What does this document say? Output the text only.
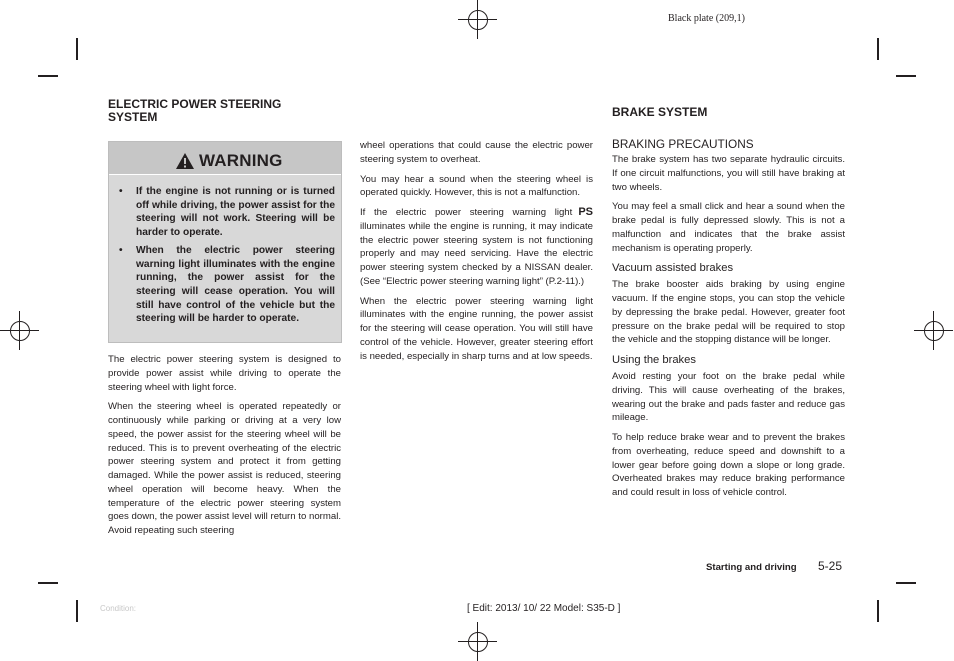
Black plate (209,1)
ELECTRIC POWER STEERING
SYSTEM
WARNING
• If the engine is not running or is turned off while driving, the power assist for the steering will not work. Steering will be harder to operate.
• When the electric power steering warning light illuminates with the engine running, the power assist for the steering will cease operation. You will still have control of the vehicle but the steering will be harder to operate.

The electric power steering system is designed to provide power assist while driving to operate the steering wheel with light force.

When the steering wheel is operated repeatedly or continuously while parking or driving at a very low speed, the power assist for the steering wheel will be reduced. This is to prevent overheating of the electric power steering system and protect it from getting damaged. While the power assist is reduced, steering wheel operation will become heavy. When the temperature of the electric power steering system goes down, the power assist level will return to normal. Avoid repeating such steering

wheel operations that could cause the electric power steering system to overheat.

You may hear a sound when the steering wheel is operated quickly. However, this is not a malfunction.

PS
If the electric power steering warning light illuminates while the engine is running, it may indicate the electric power steering system is not functioning properly and may need servicing. Have the electric power steering system checked by a NISSAN dealer. (See “Electric power steering warning light” (P.2-11).)

When the electric power steering warning light illuminates with the engine running, the power assist for the steering will cease operation. You will still have control of the vehicle. However, greater steering effort is needed, especially in sharp turns and at low speeds.

BRAKE SYSTEM
BRAKING PRECAUTIONS

The brake system has two separate hydraulic circuits. If one circuit malfunctions, you will still have braking at two wheels.

You may feel a small click and hear a sound when the brake pedal is fully depressed slowly. This is not a malfunction and indicates that the brake assist mechanism is operating properly.

Vacuum assisted brakes

The brake booster aids braking by using engine vacuum. If the engine stops, you can stop the vehicle by depressing the brake pedal. However, greater foot pressure on the brake pedal will be required to stop the vehicle and the stopping distance will be longer.

Using the brakes

Avoid resting your foot on the brake pedal while driving. This will cause overheating of the brakes, wearing out the brake and pads faster and reduce gas mileage.

To help reduce brake wear and to prevent the brakes from overheating, reduce speed and downshift to a lower gear before going down a slope or long grade. Overheated brakes may reduce braking performance and could result in loss of vehicle control.

Starting and driving 5-25
[ Edit: 2013/ 10/ 22 Model: S35-D ]
Condition:
